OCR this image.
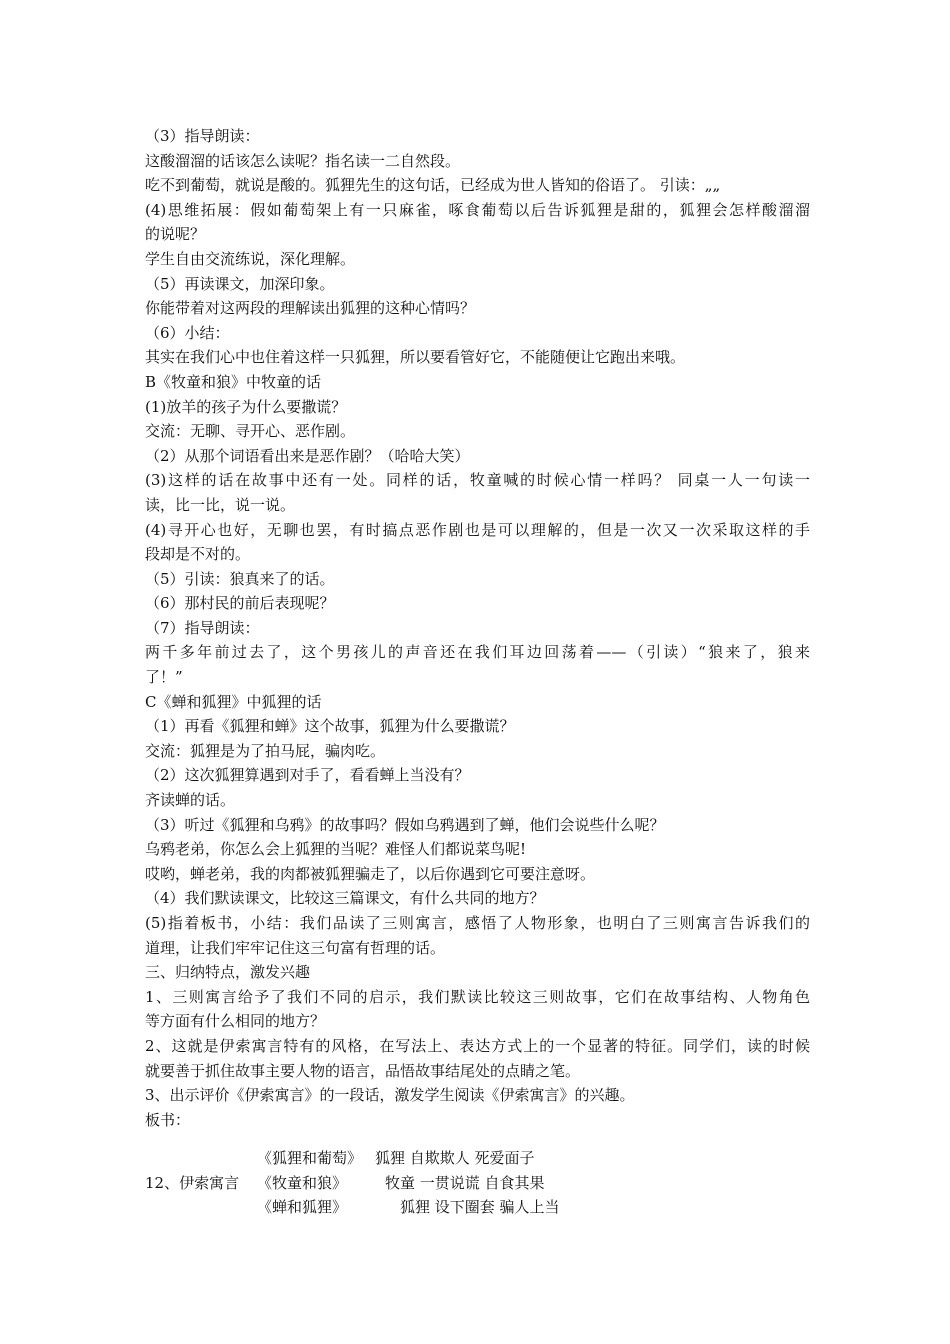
（3）指导朗读：
这酸溜溜的话该怎么读呢？指名读一二自然段。
吃不到葡萄，就说是酸的。狐狸先生的这句话，已经成为世人皆知的俗语了。 引读：„„
(4)思维拓展：假如葡萄架上有一只麻雀，啄食葡萄以后告诉狐狸是甜的，狐狸会怎样酸溜溜
的说呢？
学生自由交流练说，深化理解。
（5）再读课文，加深印象。
你能带着对这两段的理解读出狐狸的这种心情吗？
（6）小结：
其实在我们心中也住着这样一只狐狸，所以要看管好它，不能随便让它跑出来哦。
B《牧童和狼》中牧童的话
(1)放羊的孩子为什么要撒谎？
交流：无聊、寻开心、恶作剧。
（2）从那个词语看出来是恶作剧？（哈哈大笑）
(3)这样的话在故事中还有一处。同样的话，牧童喊的时候心情一样吗？ 同桌一人一句读一
读，比一比，说一说。
(4)寻开心也好，无聊也罢，有时搞点恶作剧也是可以理解的，但是一次又一次采取这样的手
段却是不对的。
（5）引读：狼真来了的话。
（6）那村民的前后表现呢？
（7）指导朗读：
两千多年前过去了，这个男孩儿的声音还在我们耳边回荡着——（引读）“狼来了，狼来
了！”
C《蝉和狐狸》中狐狸的话
（1）再看《狐狸和蝉》这个故事，狐狸为什么要撒谎？
交流：狐狸是为了拍马屁，骗肉吃。
（2）这次狐狸算遇到对手了，看看蝉上当没有？
齐读蝉的话。
（3）听过《狐狸和乌鸦》的故事吗？假如乌鸦遇到了蝉，他们会说些什么呢？
乌鸦老弟，你怎么会上狐狸的当呢？难怪人们都说菜鸟呢!
哎哟，蝉老弟，我的肉都被狐狸骗走了，以后你遇到它可要注意呀。
（4）我们默读课文，比较这三篇课文，有什么共同的地方？
(5)指着板书，小结：我们品读了三则寓言，感悟了人物形象，也明白了三则寓言告诉我们的
道理，让我们牢牢记住这三句富有哲理的话。
三、归纳特点，激发兴趣
1、三则寓言给予了我们不同的启示，我们默读比较这三则故事，它们在故事结构、人物角色
等方面有什么相同的地方？
2、这就是伊索寓言特有的风格，在写法上、表达方式上的一个显著的特征。同学们，读的时候
就要善于抓住故事主要人物的语言，品悟故事结尾处的点睛之笔。
3、出示评价《伊索寓言》的一段话，激发学生阅读《伊索寓言》的兴趣。
板书：
《狐狸和葡萄》 狐狸 自欺欺人 死爱面子
12、伊索寓言 《牧童和狼》	牧童 一贯说谎 自食其果
《蝉和狐狸》	狐狸 设下圈套 骗人上当
